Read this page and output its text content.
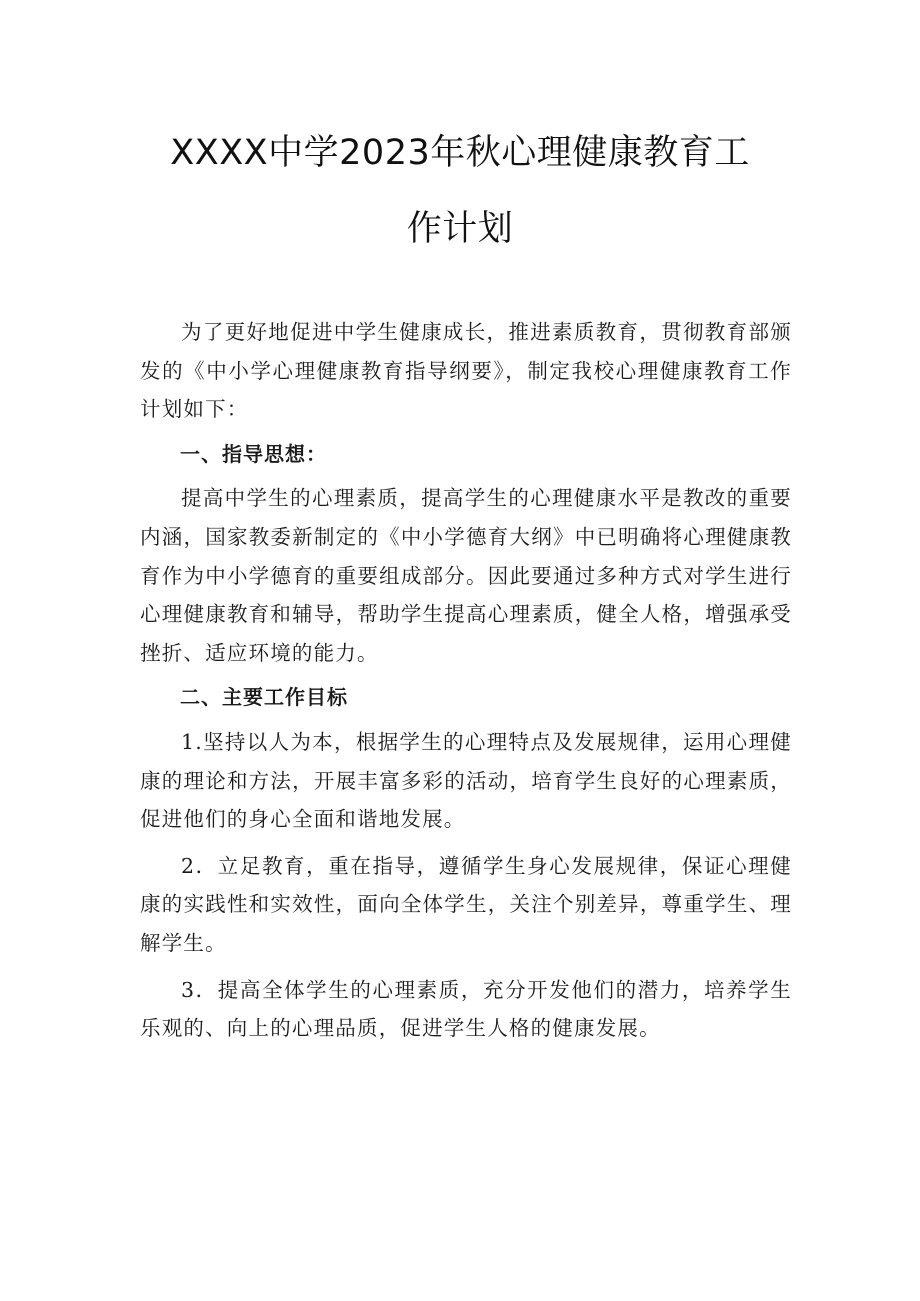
XXXX中学2023年秋心理健康教育工
作计划

为了更好地促进中学生健康成长，推进素质教育，贯彻教育部颁发的《中小学心理健康教育指导纲要》，制定我校心理健康教育工作计划如下：

一、指导思想：

提高中学生的心理素质，提高学生的心理健康水平是教改的重要内涵，国家教委新制定的《中小学德育大纲》中已明确将心理健康教育作为中小学德育的重要组成部分。因此要通过多种方式对学生进行心理健康教育和辅导，帮助学生提高心理素质，健全人格，增强承受挫折、适应环境的能力。

二、主要工作目标

1.坚持以人为本，根据学生的心理特点及发展规律，运用心理健康的理论和方法，开展丰富多彩的活动，培育学生良好的心理素质，促进他们的身心全面和谐地发展。

2．立足教育，重在指导，遵循学生身心发展规律，保证心理健康的实践性和实效性，面向全体学生，关注个别差异，尊重学生、理解学生。

3．提高全体学生的心理素质，充分开发他们的潜力，培养学生乐观的、向上的心理品质，促进学生人格的健康发展。
